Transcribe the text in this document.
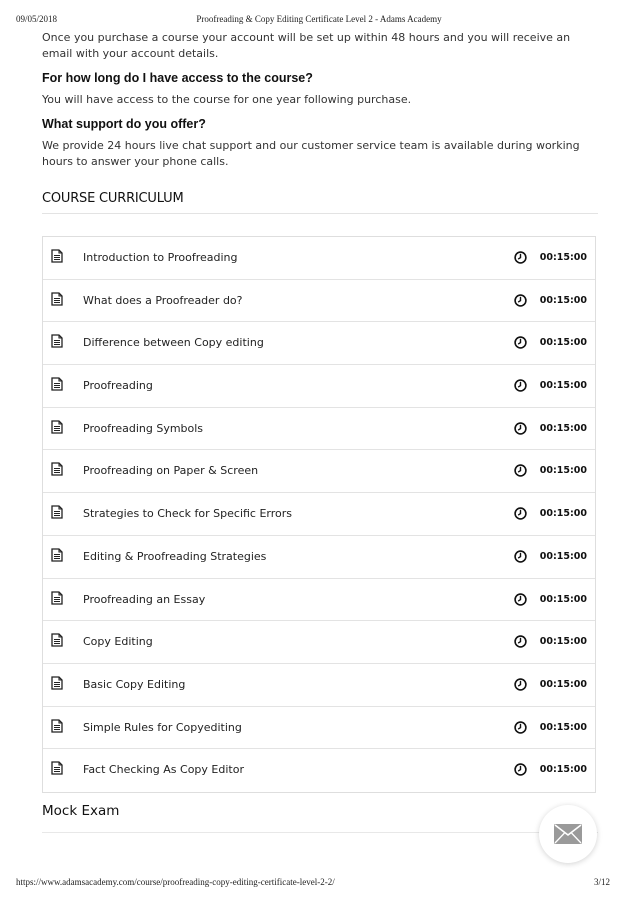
09/05/2018	Proofreading & Copy Editing Certificate Level 2 - Adams Academy

Once you purchase a course your account will be set up within 48 hours and you will receive an email with your account details.

For how long do I have access to the course?

You will have access to the course for one year following purchase.

What support do you offer?

We provide 24 hours live chat support and our customer service team is available during working hours to answer your phone calls.

COURSE CURRICULUM

Introduction to Proofreading	00:15:00
What does a Proofreader do?	00:15:00
Difference between Copy editing	00:15:00
Proofreading	00:15:00
Proofreading Symbols	00:15:00
Proofreading on Paper & Screen	00:15:00
Strategies to Check for Specific Errors	00:15:00
Editing & Proofreading Strategies	00:15:00
Proofreading an Essay	00:15:00
Copy Editing	00:15:00
Basic Copy Editing	00:15:00
Simple Rules for Copyediting	00:15:00
Fact Checking As Copy Editor	00:15:00

Mock Exam

https://www.adamsacademy.com/course/proofreading-copy-editing-certificate-level-2-2/	3/12
